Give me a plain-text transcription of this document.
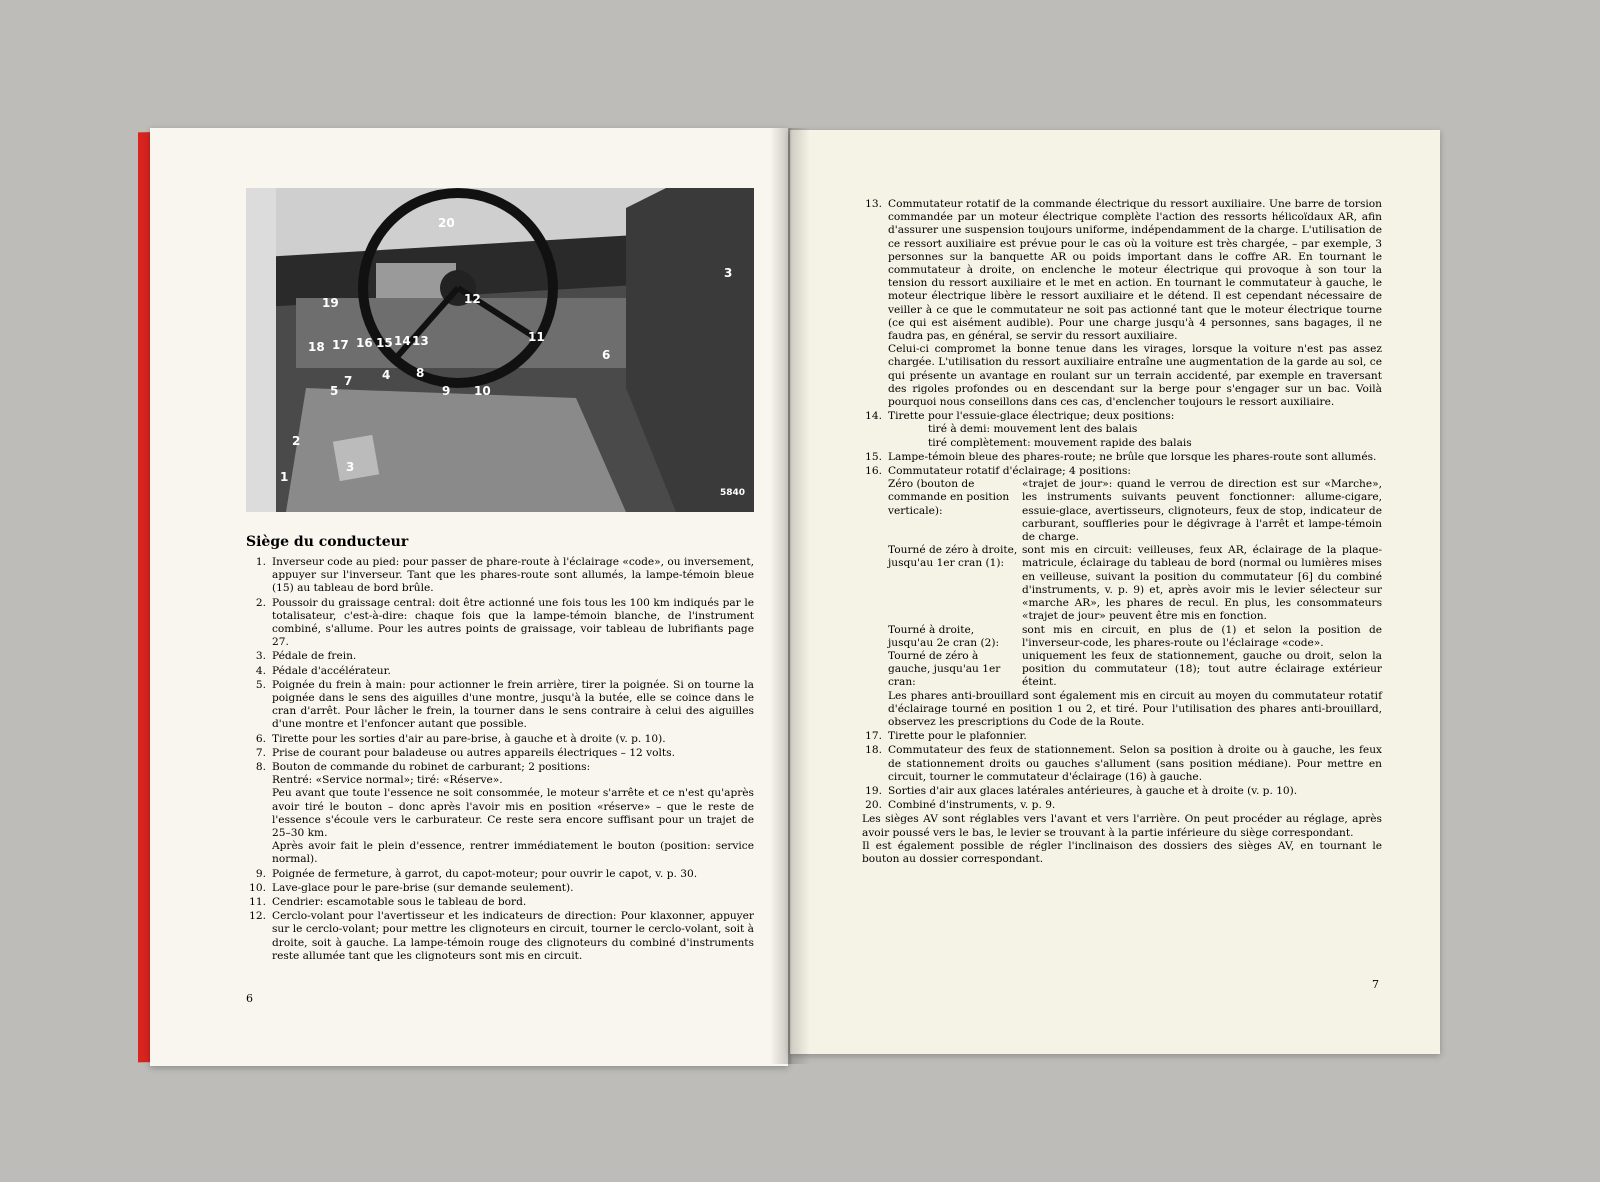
20
19	12
18 17 16 15 14 13	11
3
6
7
5
4 8
9 10
2
3
1
5840
Siège du conducteur
1. Inverseur code au pied: pour passer de phare-route à l'éclairage «code», ou inversement, appuyer sur l'inverseur. Tant que les phares-route sont allumés, la lampe-témoin bleue (15) au tableau de bord brûle.
2. Poussoir du graissage central: doit être actionné une fois tous les 100 km indiqués par le totalisateur, c'est-à-dire: chaque fois que la lampe-témoin blanche, de l'instrument combiné, s'allume. Pour les autres points de graissage, voir tableau de lubrifiants page 27.
3. Pédale de frein.
4. Pédale d'accélérateur.
5. Poignée du frein à main: pour actionner le frein arrière, tirer la poignée. Si on tourne la poignée dans le sens des aiguilles d'une montre, jusqu'à la butée, elle se coince dans le cran d'arrêt. Pour lâcher le frein, la tourner dans le sens contraire à celui des aiguilles d'une montre et l'enfoncer autant que possible.
6. Tirette pour les sorties d'air au pare-brise, à gauche et à droite (v. p. 10).
7. Prise de courant pour baladeuse ou autres appareils électriques – 12 volts.
8. Bouton de commande du robinet de carburant; 2 positions:
Rentré: «Service normal»; tiré: «Réserve».
Peu avant que toute l'essence ne soit consommée, le moteur s'arrête et ce n'est qu'après avoir tiré le bouton – donc après l'avoir mis en position «réserve» – que le reste de l'essence s'écoule vers le carburateur. Ce reste sera encore suffisant pour un trajet de 25–30 km.
Après avoir fait le plein d'essence, rentrer immédiatement le bouton (position: service normal).
9. Poignée de fermeture, à garrot, du capot-moteur; pour ouvrir le capot, v. p. 30.
10. Lave-glace pour le pare-brise (sur demande seulement).
11. Cendrier: escamotable sous le tableau de bord.
12. Cerclo-volant pour l'avertisseur et les indicateurs de direction: Pour klaxonner, appuyer sur le cerclo-volant; pour mettre les clignoteurs en circuit, tourner le cerclo-volant, soit à droite, soit à gauche. La lampe-témoin rouge des clignoteurs du combiné d'instruments reste allumée tant que les clignoteurs sont mis en circuit.
6
13. Commutateur rotatif de la commande électrique du ressort auxiliaire. Une barre de torsion commandée par un moteur électrique complète l'action des ressorts hélicoïdaux AR, afin d'assurer une suspension toujours uniforme, indépendamment de la charge. L'utilisation de ce ressort auxiliaire est prévue pour le cas où la voiture est très chargée, – par exemple, 3 personnes sur la banquette AR ou poids important dans le coffre AR. En tournant le commutateur à droite, on enclenche le moteur électrique qui provoque à son tour la tension du ressort auxiliaire et le met en action. En tournant le commutateur à gauche, le moteur électrique libère le ressort auxiliaire et le détend. Il est cependant nécessaire de veiller à ce que le commutateur ne soit pas actionné tant que le moteur électrique tourne (ce qui est aisément audible). Pour une charge jusqu'à 4 personnes, sans bagages, il ne faudra pas, en général, se servir du ressort auxiliaire.
Celui-ci compromet la bonne tenue dans les virages, lorsque la voiture n'est pas assez chargée. L'utilisation du ressort auxiliaire entraîne une augmentation de la garde au sol, ce qui présente un avantage en roulant sur un terrain accidenté, par exemple en traversant des rigoles profondes ou en descendant sur la berge pour s'engager sur un bac. Voilà pourquoi nous conseillons dans ces cas, d'enclencher toujours le ressort auxiliaire.
14. Tirette pour l'essuie-glace électrique; deux positions:
tiré à demi: mouvement lent des balais
tiré complètement: mouvement rapide des balais
15. Lampe-témoin bleue des phares-route; ne brûle que lorsque les phares-route sont allumés.
16. Commutateur rotatif d'éclairage; 4 positions:
Zéro (bouton de commande en position verticale):
«trajet de jour»: quand le verrou de direction est sur «Marche», les instruments suivants peuvent fonctionner: allume-cigare, essuie-glace, avertisseurs, clignoteurs, feux de stop, indicateur de carburant, souffleries pour le dégivrage à l'arrêt et lampe-témoin de charge.
Tourné de zéro à droite, jusqu'au 1er cran (1):
sont mis en circuit: veilleuses, feux AR, éclairage de la plaque-matricule, éclairage du tableau de bord (normal ou lumières mises en veilleuse, suivant la position du commutateur [6] du combiné d'instruments, v. p. 9) et, après avoir mis le levier sélecteur sur «marche AR», les phares de recul. En plus, les consommateurs «trajet de jour» peuvent être mis en fonction.
Tourné à droite, jusqu'au 2e cran (2):
sont mis en circuit, en plus de (1) et selon la position de l'inverseur-code, les phares-route ou l'éclairage «code».
Tourné de zéro à gauche, jusqu'au 1er cran:
uniquement les feux de stationnement, gauche ou droit, selon la position du commutateur (18); tout autre éclairage extérieur éteint.
Les phares anti-brouillard sont également mis en circuit au moyen du commutateur rotatif d'éclairage tourné en position 1 ou 2, et tiré. Pour l'utilisation des phares anti-brouillard, observez les prescriptions du Code de la Route.
17. Tirette pour le plafonnier.
18. Commutateur des feux de stationnement. Selon sa position à droite ou à gauche, les feux de stationnement droits ou gauches s'allument (sans position médiane). Pour mettre en circuit, tourner le commutateur d'éclairage (16) à gauche.
19. Sorties d'air aux glaces latérales antérieures, à gauche et à droite (v. p. 10).
20. Combiné d'instruments, v. p. 9.
Les sièges AV sont réglables vers l'avant et vers l'arrière. On peut procéder au réglage, après avoir poussé vers le bas, le levier se trouvant à la partie inférieure du siège correspondant.
Il est également possible de régler l'inclinaison des dossiers des sièges AV, en tournant le bouton au dossier correspondant.
7
